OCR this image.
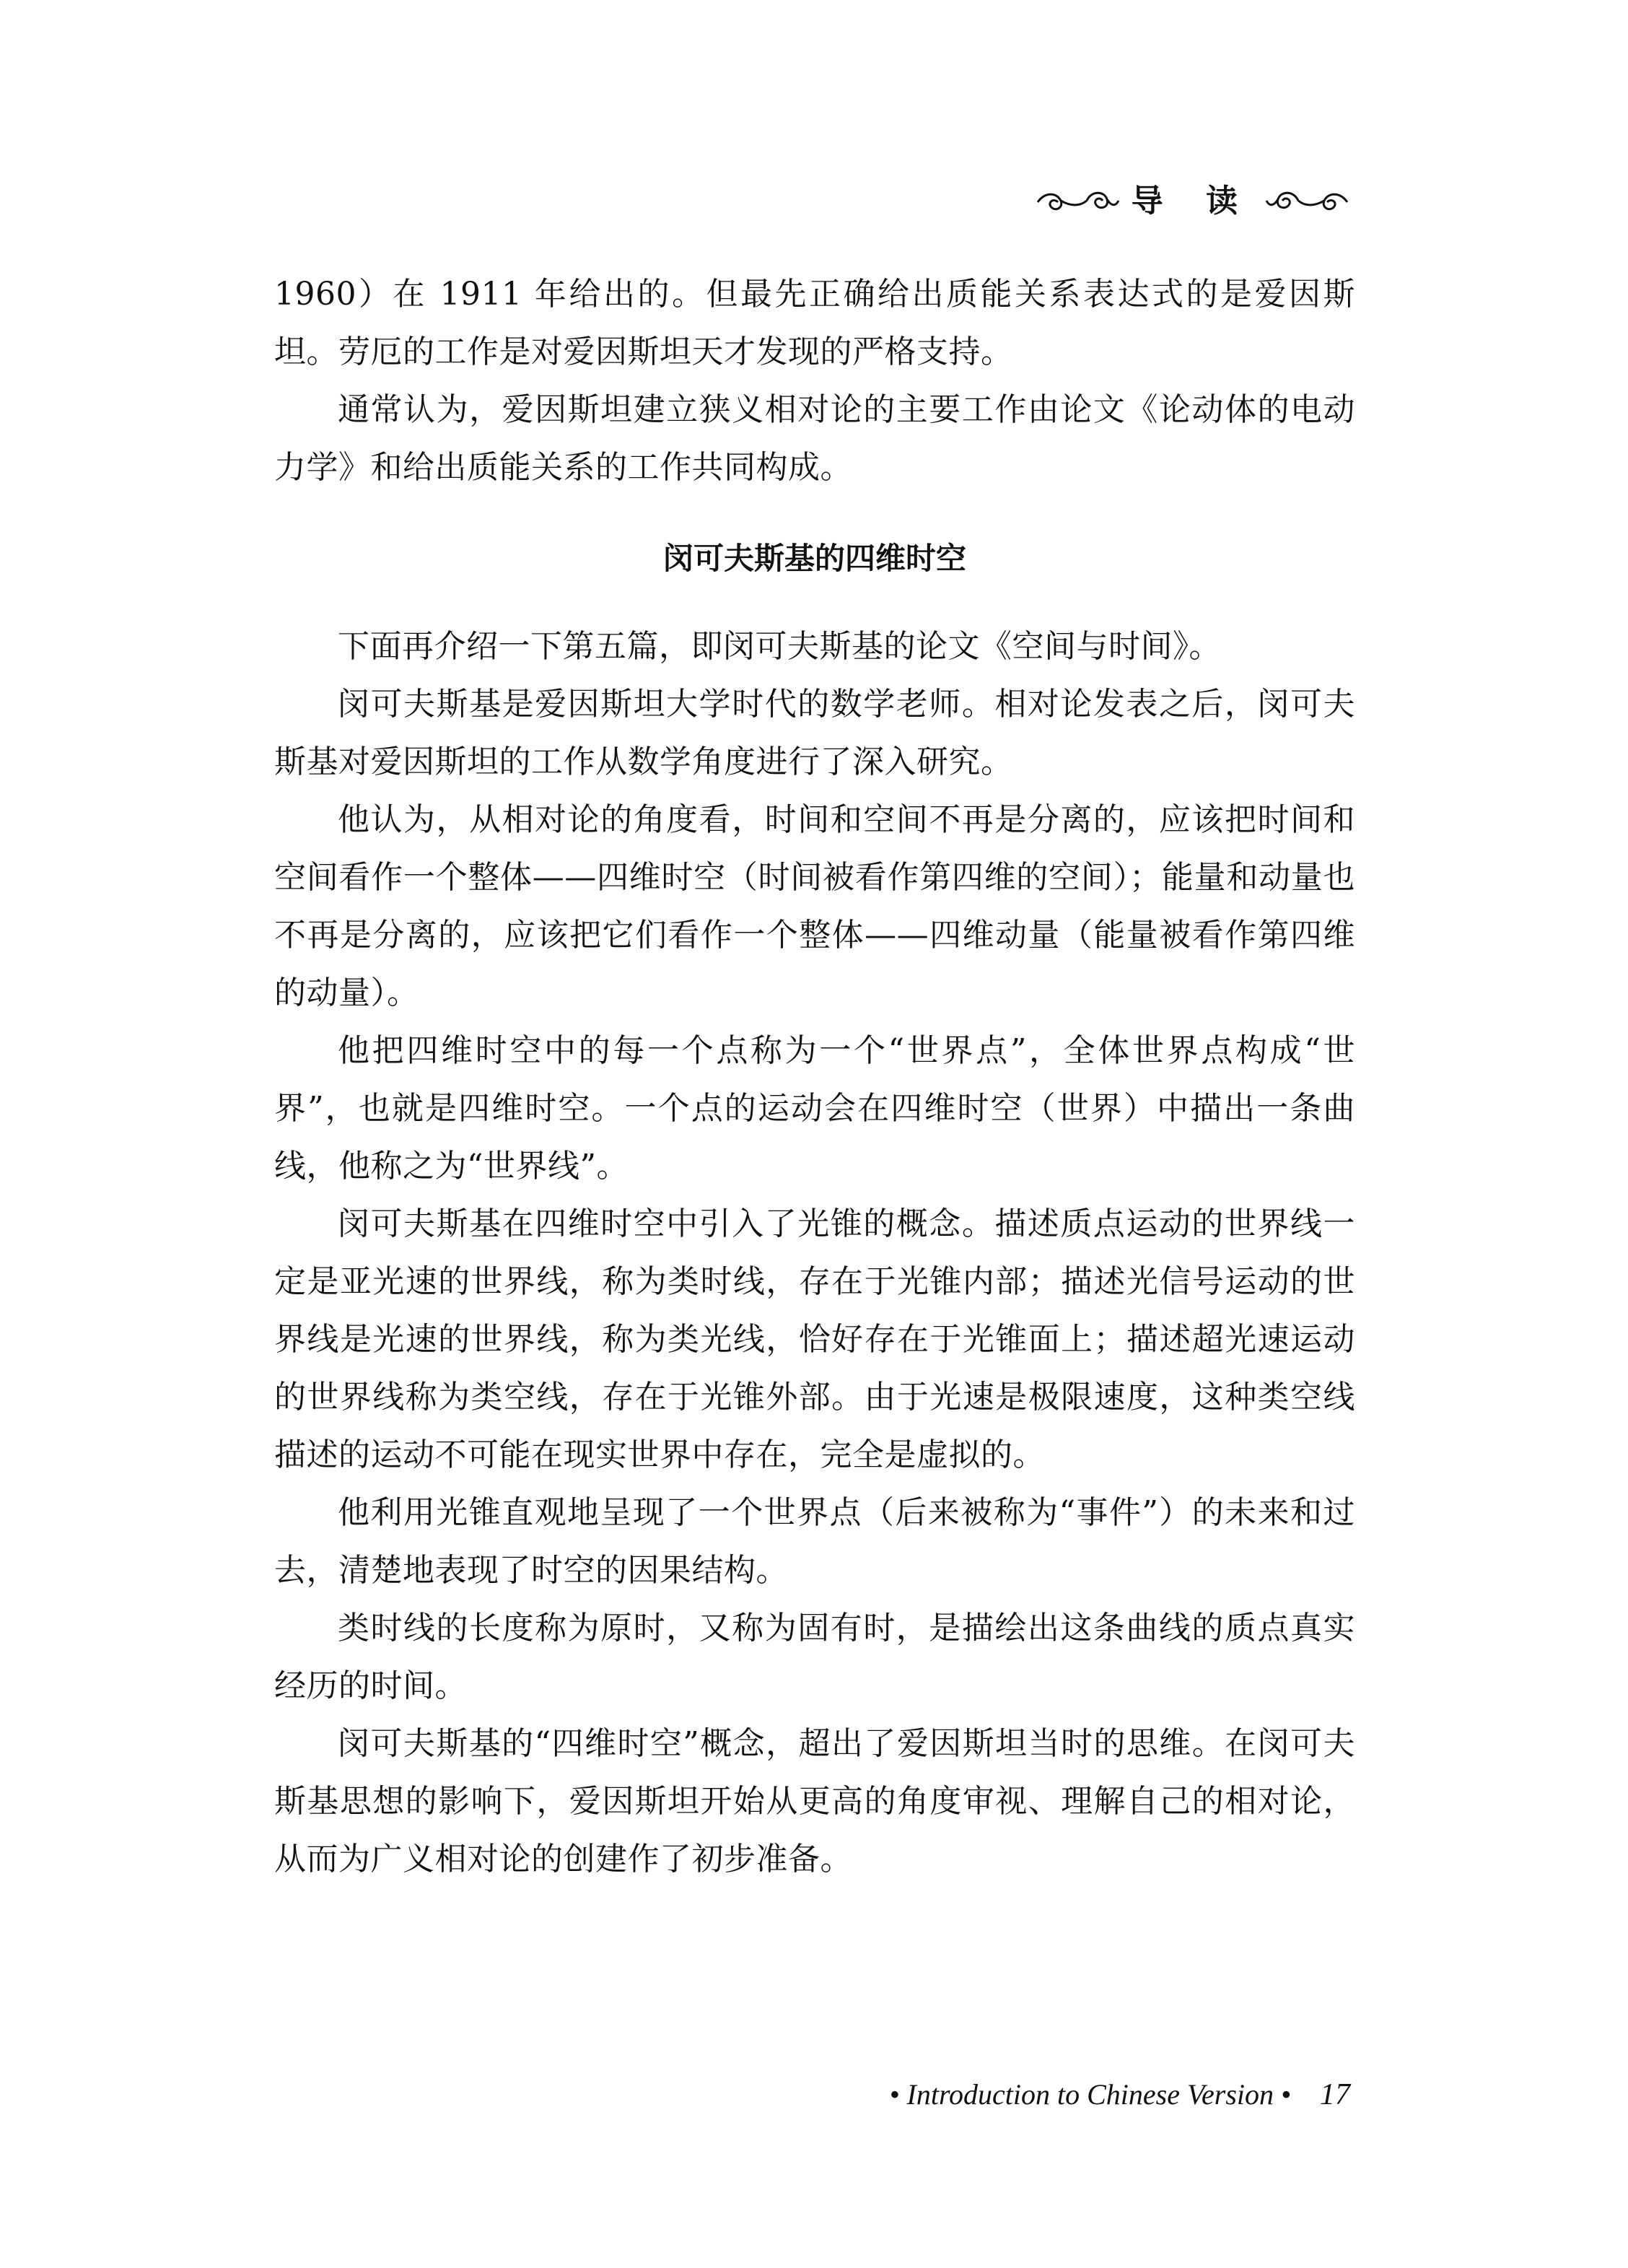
导 读

1960）在 1911 年给出的。但最先正确给出质能关系表达式的是爱因斯坦。劳厄的工作是对爱因斯坦天才发现的严格支持。

通常认为，爱因斯坦建立狭义相对论的主要工作由论文《论动体的电动力学》和给出质能关系的工作共同构成。

闵可夫斯基的四维时空

下面再介绍一下第五篇，即闵可夫斯基的论文《空间与时间》。

闵可夫斯基是爱因斯坦大学时代的数学老师。相对论发表之后，闵可夫斯基对爱因斯坦的工作从数学角度进行了深入研究。

他认为，从相对论的角度看，时间和空间不再是分离的，应该把时间和空间看作一个整体——四维时空（时间被看作第四维的空间）；能量和动量也不再是分离的，应该把它们看作一个整体——四维动量（能量被看作第四维的动量）。

他把四维时空中的每一个点称为一个“世界点”，全体世界点构成“世界”，也就是四维时空。一个点的运动会在四维时空（世界）中描出一条曲线，他称之为“世界线”。

闵可夫斯基在四维时空中引入了光锥的概念。描述质点运动的世界线一定是亚光速的世界线，称为类时线，存在于光锥内部；描述光信号运动的世界线是光速的世界线，称为类光线，恰好存在于光锥面上；描述超光速运动的世界线称为类空线，存在于光锥外部。由于光速是极限速度，这种类空线描述的运动不可能在现实世界中存在，完全是虚拟的。

他利用光锥直观地呈现了一个世界点（后来被称为“事件”）的未来和过去，清楚地表现了时空的因果结构。

类时线的长度称为原时，又称为固有时，是描绘出这条曲线的质点真实经历的时间。

闵可夫斯基的“四维时空”概念，超出了爱因斯坦当时的思维。在闵可夫斯基思想的影响下，爱因斯坦开始从更高的角度审视、理解自己的相对论，从而为广义相对论的创建作了初步准备。

• Introduction to Chinese Version • 17
